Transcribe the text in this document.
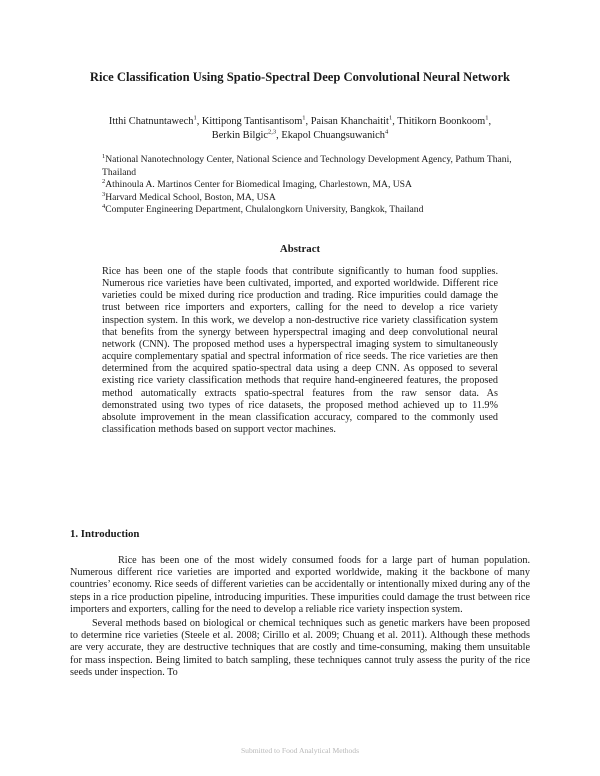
Rice Classification Using Spatio-Spectral Deep Convolutional Neural Network
Itthi Chatnuntawech$^1$, Kittipong Tantisantisom$^1$, Paisan Khanchaitit$^1$, Thitikorn Boonkoom$^1$,
Berkin Bilgic$^{2,3}$, Ekapol Chuangsuwanich$^4$

$^1$National Nanotechnology Center, National Science and Technology Development Agency, Pathum Thani, Thailand

$^2$Athinoula A. Martinos Center for Biomedical Imaging, Charlestown, MA, USA

$^3$Harvard Medical School, Boston, MA, USA

$^4$Computer Engineering Department, Chulalongkorn University, Bangkok, Thailand

Abstract

Rice has been one of the staple foods that contribute significantly to human food supplies. Numerous rice varieties have been cultivated, imported, and exported worldwide. Different rice varieties could be mixed during rice production and trading. Rice impurities could damage the trust between rice importers and exporters, calling for the need to develop a rice variety inspection system. In this work, we develop a non-destructive rice variety classification system that benefits from the synergy between hyperspectral imaging and deep convolutional neural network (CNN). The proposed method uses a hyperspectral imaging system to simultaneously acquire complementary spatial and spectral information of rice seeds. The rice varieties are then determined from the acquired spatio-spectral data using a deep CNN. As opposed to several existing rice variety classification methods that require hand-engineered features, the proposed method automatically extracts spatio-spectral features from the raw sensor data. As demonstrated using two types of rice datasets, the proposed method achieved up to 11.9% absolute improvement in the mean classification accuracy, compared to the commonly used classification methods based on support vector machines.

1. Introduction

Rice has been one of the most widely consumed foods for a large part of human population. Numerous different rice varieties are imported and exported worldwide, making it the backbone of many countries’ economy. Rice seeds of different varieties can be accidentally or intentionally mixed during any of the steps in a rice production pipeline, introducing impurities. These impurities could damage the trust between rice importers and exporters, calling for the need to develop a reliable rice variety inspection system.

Several methods based on biological or chemical techniques such as genetic markers have been proposed to determine rice varieties (Steele et al. 2008; Cirillo et al. 2009; Chuang et al. 2011). Although these methods are very accurate, they are destructive techniques that are costly and time-consuming, making them unsuitable for mass inspection. Being limited to batch sampling, these techniques cannot truly assess the purity of the rice seeds under inspection. To

Submitted to Food Analytical Methods
